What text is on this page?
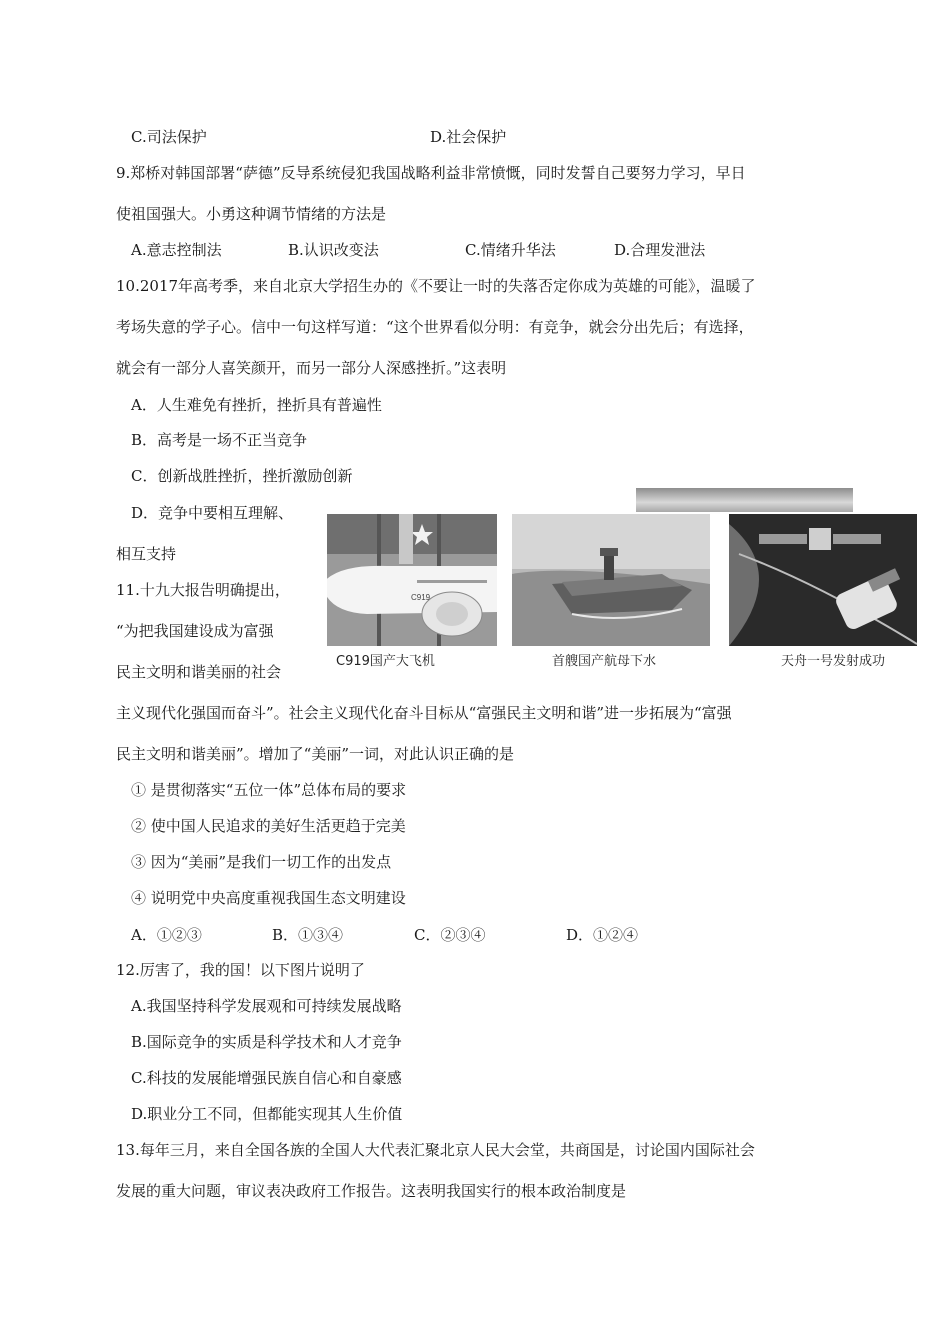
C.司法保护	D.社会保护
9.郑桥对韩国部署“萨德”反导系统侵犯我国战略利益非常愤慨，同时发誓自己要努力学习，早日
使祖国强大。小勇这种调节情绪的方法是
A.意志控制法	B.认识改变法	C.情绪升华法	D.合理发泄法
10.2017年高考季，来自北京大学招生办的《不要让一时的失落否定你成为英雄的可能》，温暖了
考场失意的学子心。信中一句这样写道：“这个世界看似分明：有竞争，就会分出先后；有选择，
就会有一部分人喜笑颜开，而另一部分人深感挫折。”这表明
A．人生难免有挫折，挫折具有普遍性
B．高考是一场不正当竞争
C．创新战胜挫折，挫折激励创新
D．竞争中要相互理解、
相互支持
11.十九大报告明确提出，
“为把我国建设成为富强
民主文明和谐美丽的社会
C919
C919国产大飞机	首艘国产航母下水	天舟一号发射成功
主义现代化强国而奋斗”。社会主义现代化奋斗目标从“富强民主文明和谐”进一步拓展为“富强
民主文明和谐美丽”。增加了“美丽”一词，对此认识正确的是
① 是贯彻落实“五位一体”总体布局的要求
② 使中国人民追求的美好生活更趋于完美
③ 因为“美丽”是我们一切工作的出发点
④ 说明党中央高度重视我国生态文明建设
A．①②③	B．①③④	C．②③④	D．①②④
12.厉害了，我的国！以下图片说明了
A.我国坚持科学发展观和可持续发展战略
B.国际竞争的实质是科学技术和人才竞争
C.科技的发展能增强民族自信心和自豪感
D.职业分工不同，但都能实现其人生价值
13.每年三月，来自全国各族的全国人大代表汇聚北京人民大会堂，共商国是，讨论国内国际社会
发展的重大问题，审议表决政府工作报告。这表明我国实行的根本政治制度是
